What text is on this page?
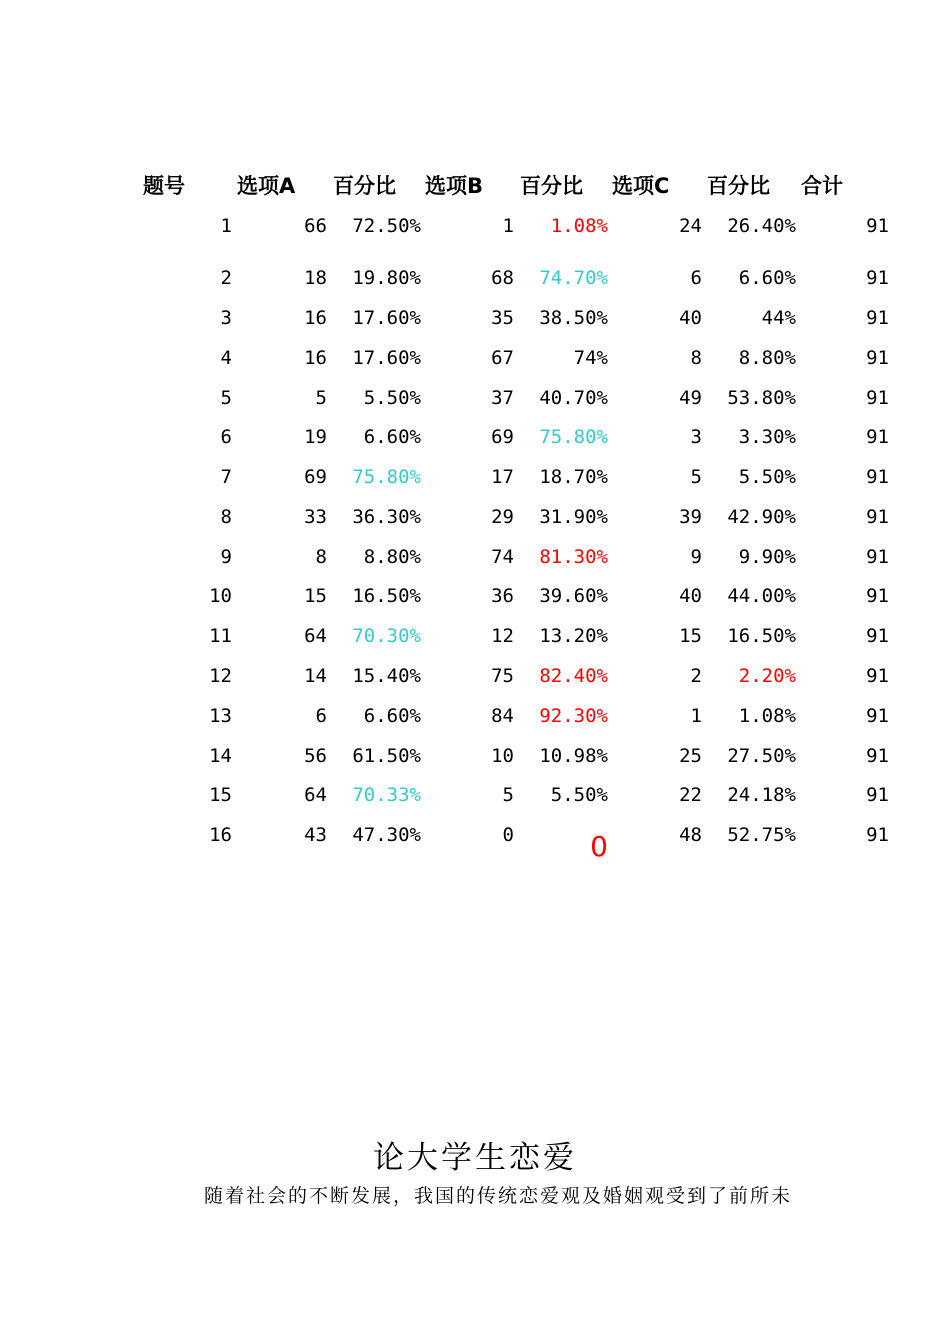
题号 选项A 百分比 选项B 百分比 选项C 百分比 合计
1	66 72.50%	1 1.08%	24 26.40%	91
2	18 19.80%	68 74.70%	6 6.60%	91
3	16 17.60%	35 38.50%	40	44%	91
4	16 17.60%	67	74%	8 8.80%	91
5	5 5.50%	37 40.70%	49 53.80%	91
6	19 6.60%	69 75.80%	3 3.30%	91
7	69 75.80%	17 18.70%	5 5.50%	91
8	33 36.30%	29 31.90%	39 42.90%	91
9	8 8.80%	74 81.30%	9 9.90%	91
10	15 16.50%	36 39.60%	40 44.00%	91
11	64 70.30%	12 13.20%	15 16.50%	91
12	14 15.40%	75 82.40%	2 2.20%	91
13	6 6.60%	84 92.30%	1 1.08%	91
14	56 61.50%	10 10.98%	25 27.50%	91
15	64 70.33%	5 5.50%	22 24.18%	91
16	43 47.30%	0	0	48 52.75%	91
论大学生恋爱
随着社会的不断发展，我国的传统恋爱观及婚姻观受到了前所未
